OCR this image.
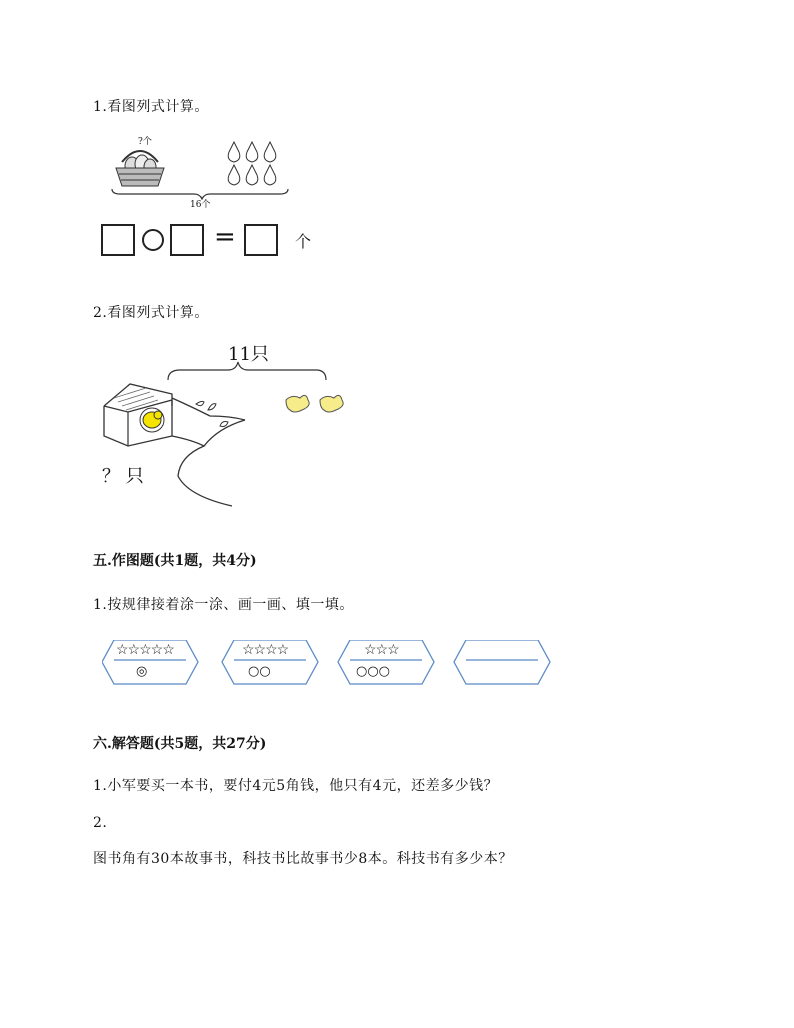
1.看图列式计算。
?个
16个
=	个
2.看图列式计算。
11只
？ 只
五.作图题(共1题，共4分)
1.按规律接着涂一涂、画一画、填一填。
☆☆☆☆☆
◎
☆☆☆☆
○○
☆☆☆
○○○
六.解答题(共5题，共27分)
1.小军要买一本书，要付4元5角钱，他只有4元，还差多少钱？
2.
图书角有30本故事书，科技书比故事书少8本。科技书有多少本？
